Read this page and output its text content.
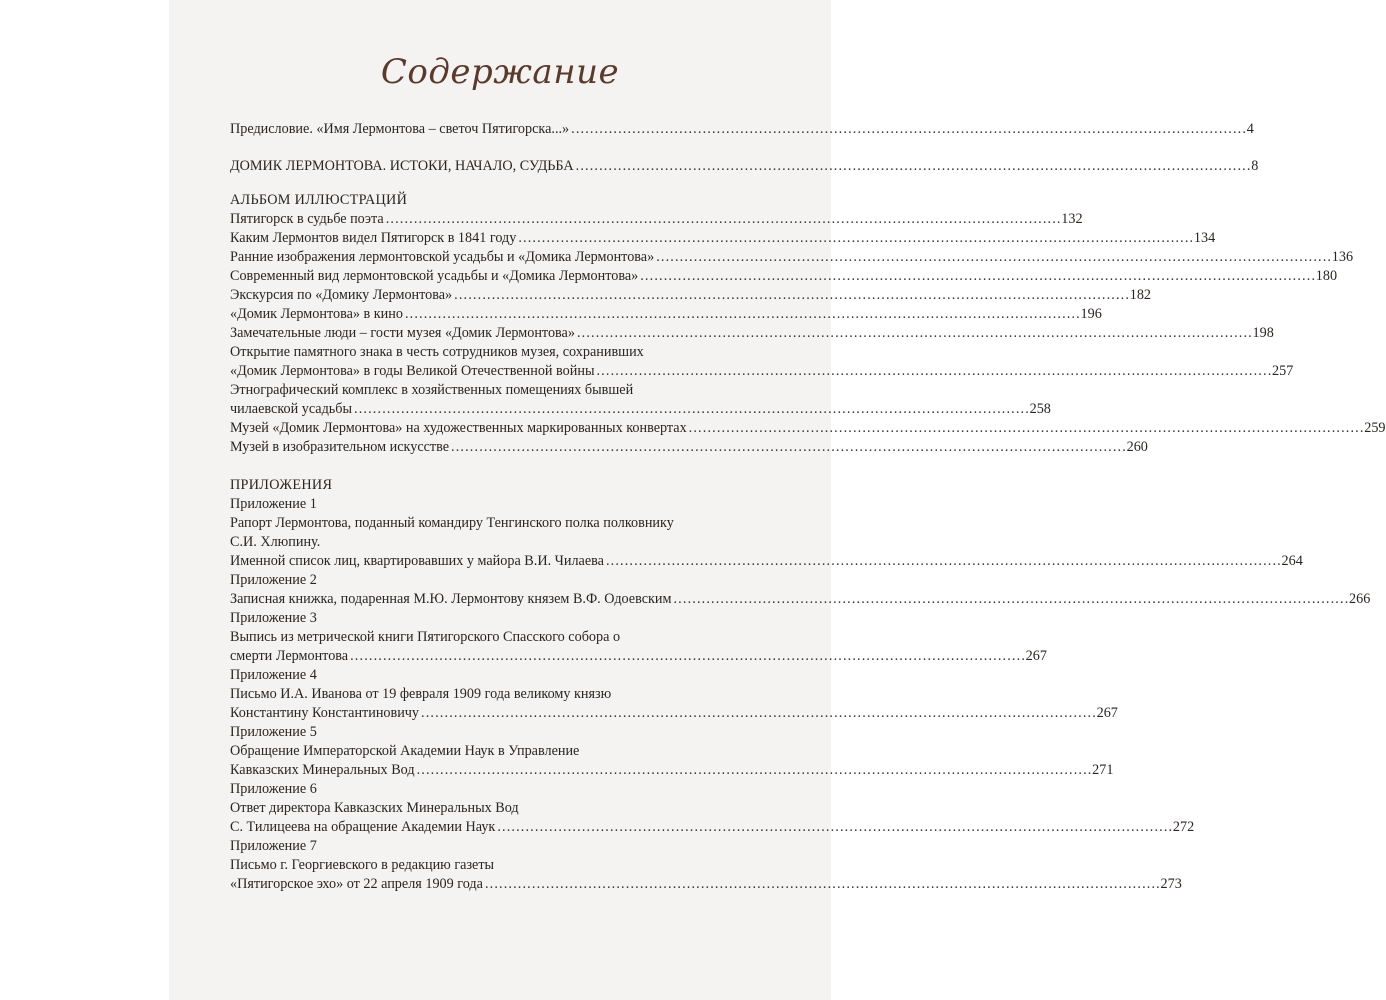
Содержание
Предисловие. «Имя Лермонтова – светоч Пятигорска...» . . .	4
ДОМИК ЛЕРМОНТОВА. ИСТОКИ, НАЧАЛО, СУДЬБА . . .	8
АЛЬБОМ ИЛЛЮСТРАЦИЙ
Пятигорск в судьбе поэта . . .	132
Каким Лермонтов видел Пятигорск в 1841 году . . .	134
Ранние изображения лермонтовской усадьбы и «Домика Лермонтова» . . .	136
Современный вид лермонтовской усадьбы и «Домика Лермонтова» . . .	180
Экскурсия по «Домику Лермонтова» . . .	182
«Домик Лермонтова» в кино . . .	196
Замечательные люди – гости музея «Домик Лермонтова» . . .	198
Открытие памятного знака в честь сотрудников музея, сохранивших
«Домик Лермонтова» в годы Великой Отечественной войны . . .	257
Этнографический комплекс в хозяйственных помещениях бывшей
чилаевской усадьбы . . .	258
Музей «Домик Лермонтова» на художественных маркированных конвертах . . .	259
Музей в изобразительном искусстве . . .	260
ПРИЛОЖЕНИЯ
Приложение 1
Рапорт Лермонтова, поданный командиру Тенгинского полка полковнику
С.И. Хлюпину.
Именной список лиц, квартировавших у майора В.И. Чилаева . . .	264
Приложение 2
Записная книжка, подаренная М.Ю. Лермонтову князем В.Ф. Одоевским . . .	266
Приложение 3
Выпись из метрической книги Пятигорского Спасского собора о
смерти Лермонтова . . .	267
Приложение 4
Письмо И.А. Иванова от 19 февраля 1909 года великому князю
Константину Константиновичу . . .	267
Приложение 5
Обращение Императорской Академии Наук в Управление
Кавказских Минеральных Вод . . .	271
Приложение 6
Ответ директора Кавказских Минеральных Вод
С. Тилицеева на обращение Академии Наук . . .	272
Приложение 7
Письмо г. Георгиевского в редакцию газеты
«Пятигорское эхо» от 22 апреля 1909 года . . .	273
